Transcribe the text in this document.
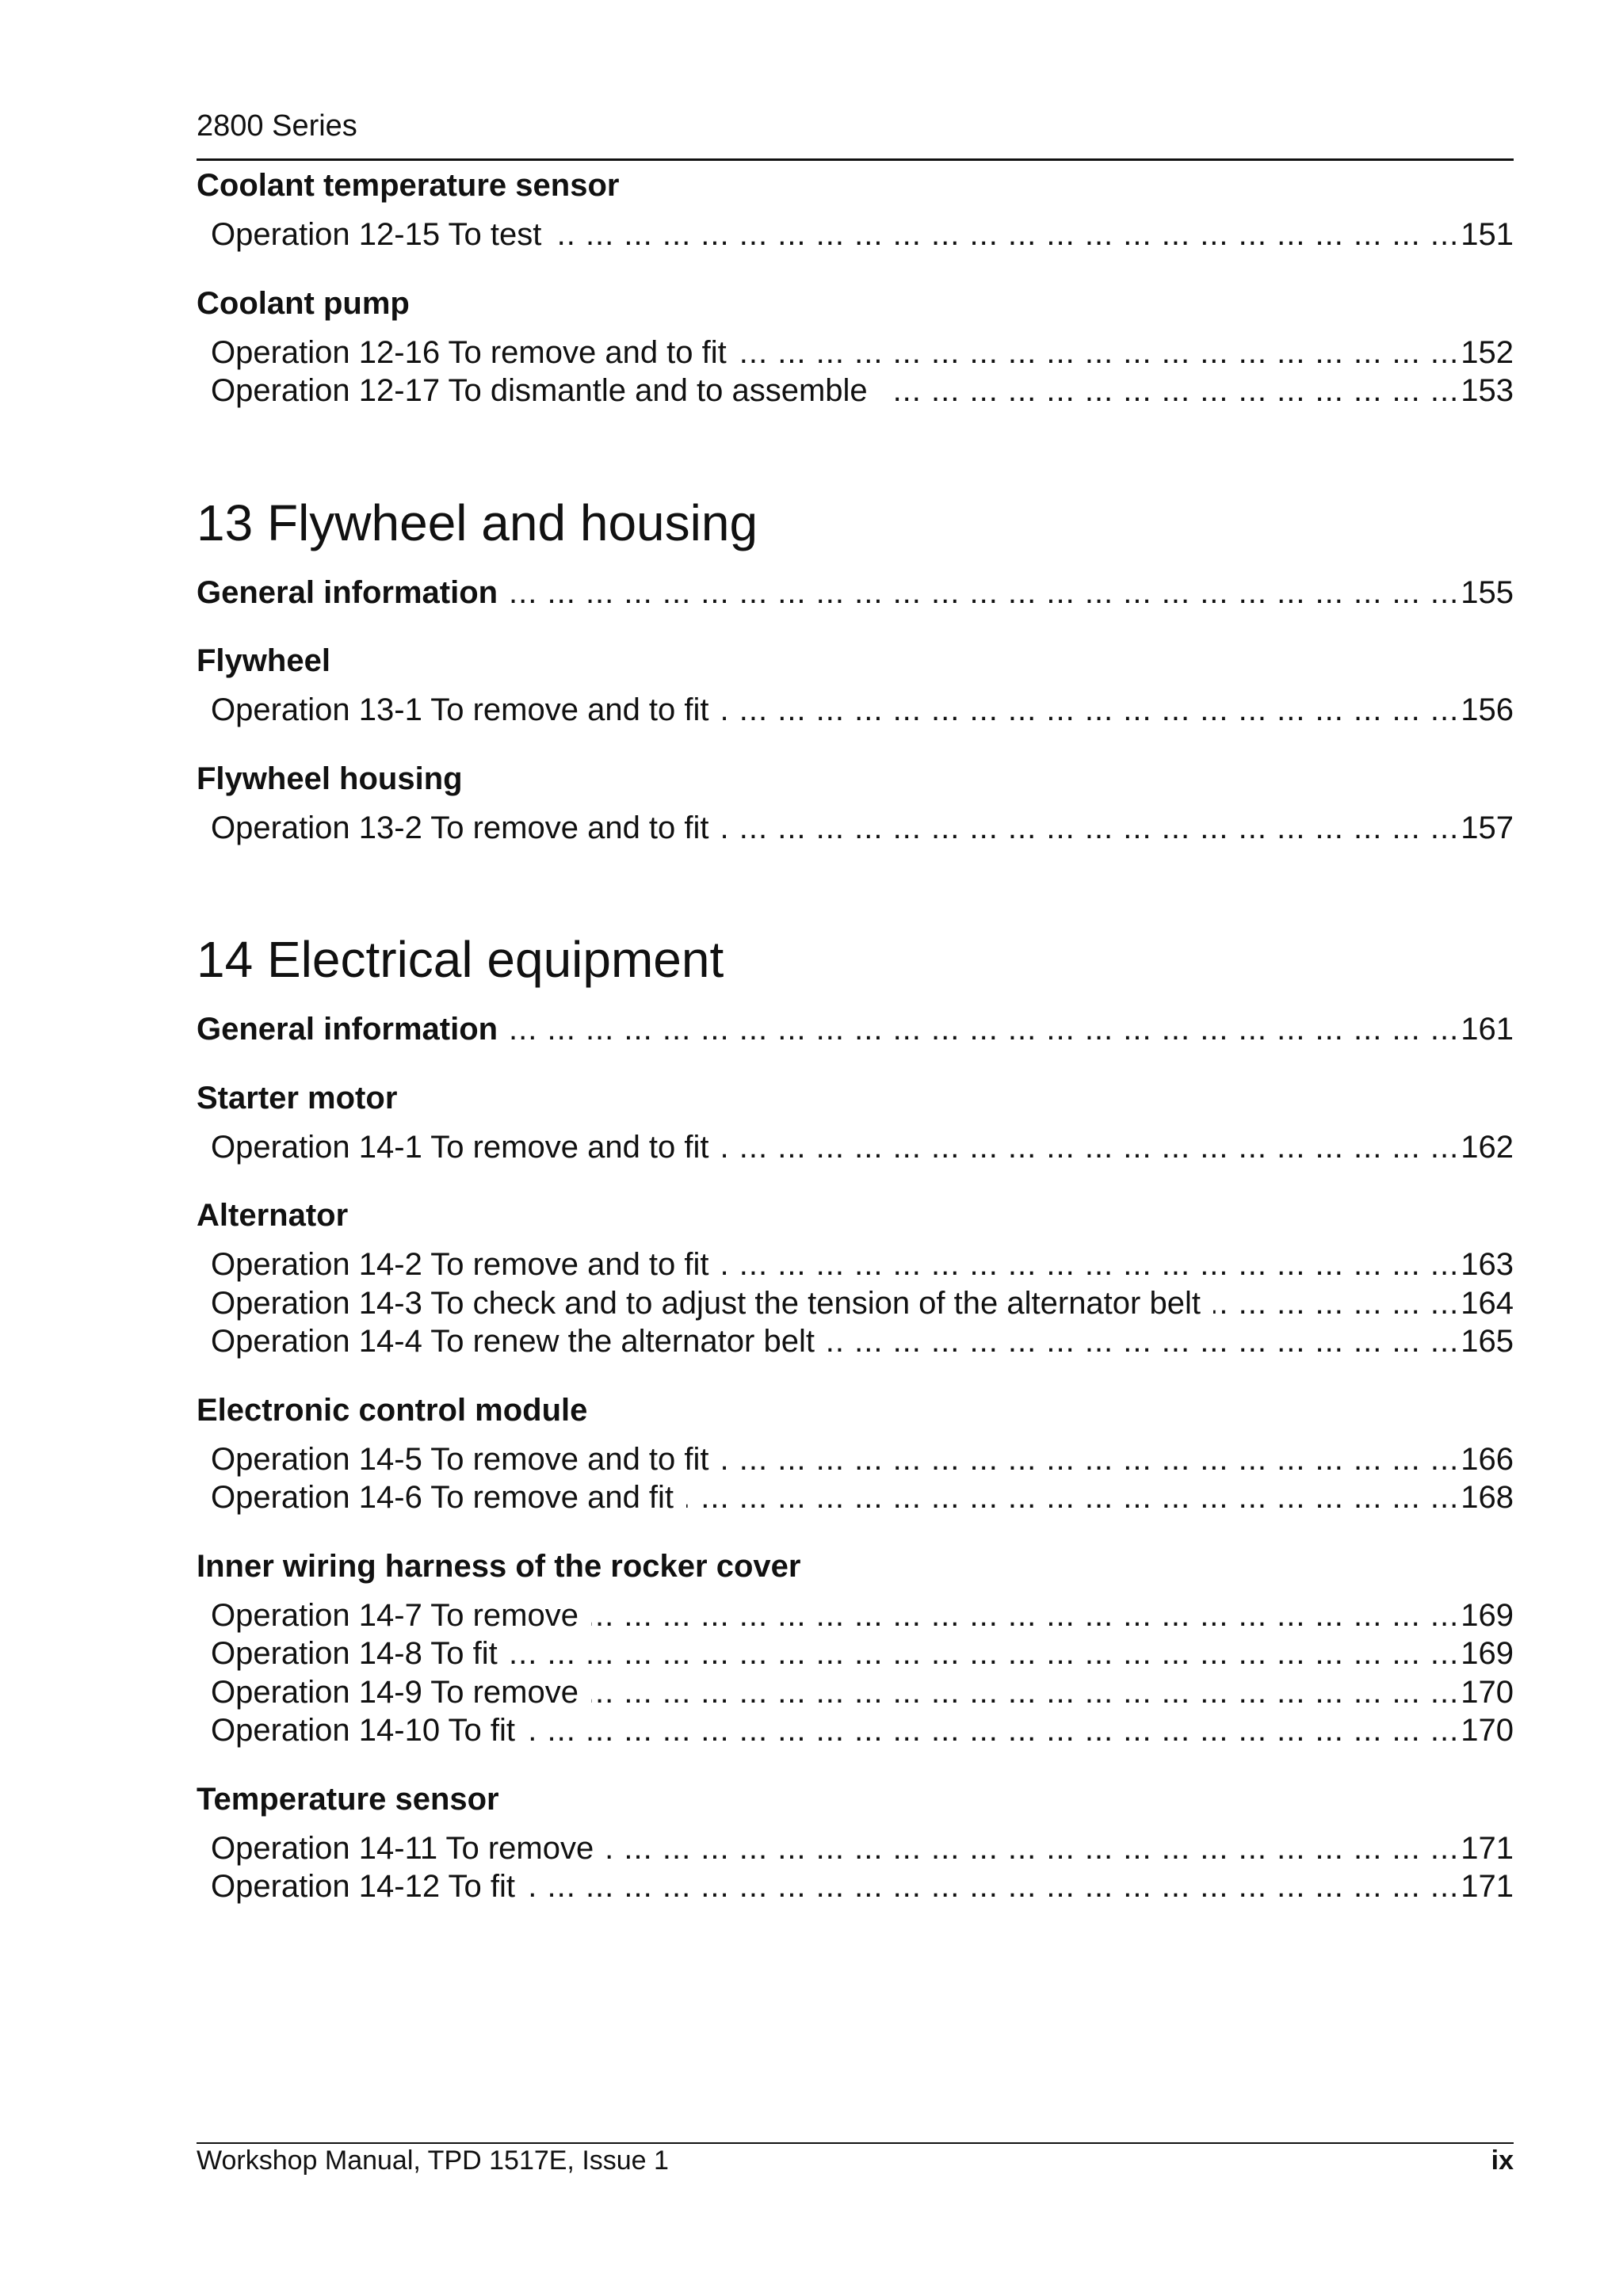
2800 Series
Coolant temperature sensor
Operation 12-15 To test ... .	151
Coolant pump
Operation 12-16 To remove and to fit ... .	152
Operation 12-17 To dismantle and to assemble ... .	153
13 Flywheel and housing
General information ... .	155
Flywheel
Operation 13-1 To remove and to fit ... .	156
Flywheel housing
Operation 13-2 To remove and to fit ... .	157
14 Electrical equipment
General information ... .	161
Starter motor
Operation 14-1 To remove and to fit ... .	162
Alternator
Operation 14-2 To remove and to fit ... .	163
Operation 14-3 To check and to adjust the tension of the alternator belt ... .	164
Operation 14-4 To renew the alternator belt ... .	165
Electronic control module
Operation 14-5 To remove and to fit ... .	166
Operation 14-6 To remove and fit ... .	168
Inner wiring harness of the rocker cover
Operation 14-7 To remove ... .	169
Operation 14-8 To fit ... .	169
Operation 14-9 To remove ... .	170
Operation 14-10 To fit ... .	170
Temperature sensor
Operation 14-11 To remove ... .	171
Operation 14-12 To fit ... .	171
Workshop Manual, TPD 1517E, Issue 1	ix
